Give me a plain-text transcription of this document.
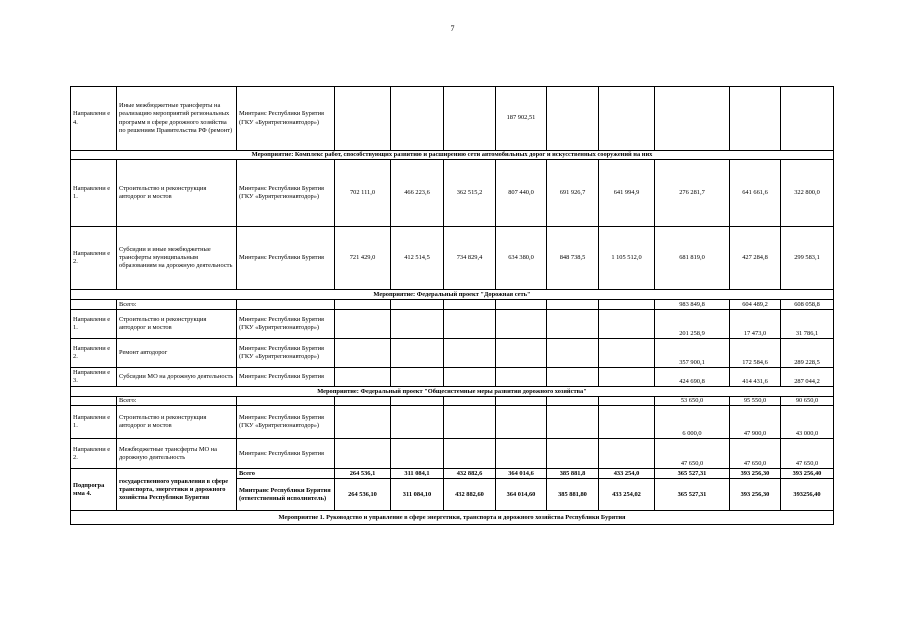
7
Направлени е 4.	Иные межбюджетные трансферты на реализацию мероприятий региональных программ в сфере дорожного хозяйства по решениям Правительства РФ (ремонт)	Минтранс Республики Бурятия (ГКУ «Бурятрегионавтодор»)				187 902,51					
Мероприятие: Комплекс работ, способствующих развитию и расширению сети автомобильных дорог и искусственных сооружений на них											
Направлени е 1.	Строительство и реконструкция автодорог и мостов	Минтранс Республики Бурятия (ГКУ «Бурятрегионавтодор»)	702 111,0	466 223,6	362 515,2	807 440,0	691 926,7	641 994,9	276 281,7	641 661,6	322 800,0
Направлени е 2.	Субсидии и иные межбюджетные трансферты муниципальным образованиям на дорожную деятельность	Минтранс Республики Бурятия	721 429,0	412 514,5	734 829,4	634 380,0	848 738,5	1 105 512,0	681 819,0	427 284,8	299 583,1
Мероприятие: Федеральный проект "Дорожная сеть"											
	Всего:								983 849,8	604 489,2	608 058,8
Направлени е 1.	Строительство и реконструкция автодорог и мостов	Минтранс Республики Бурятия (ГКУ «Бурятрегионавтодор»)							201 258,9	17 473,0	31 786,1
Направлени е 2.	Ремонт автодорог	Минтранс Республики Бурятия (ГКУ «Бурятрегионавтодор»)							357 900,1	172 584,6	289 228,5
Направлени е 3.	Субсидии МО на дорожную деятельность	Минтранс Республики Бурятия							424 690,8	414 431,6	287 044,2
Мероприятие: Федеральный проект "Общесистемные меры развития дорожного хозяйства"											
	Всего:								53 650,0	95 550,0	90 650,0
Направлени е 1.	Строительство и реконструкция автодорог и мостов	Минтранс Республики Бурятия (ГКУ «Бурятрегионавтодор»)							6 000,0	47 900,0	43 000,0
Направлени е 2.	Межбюджетные трансферты МО на дорожную деятельность	Минтранс Республики Бурятия							47 650,0	47 650,0	47 650,0
Подпрогра мма 4.	государственного управления в сфере транспорта, энергетики и дорожного хозяйства Республики Бурятия	Всего	264 536,1	311 084,1	432 882,6	364 014,6	385 881,8	433 254,0	365 527,31	393 256,30	393 256,40
		Минтранс Республики Бурятия (ответственный исполнитель)	264 536,10	311 084,10	432 882,60	364 014,60	385 881,80	433 254,02	365 527,31	393 256,30	393256,40
Мероприятие 1. Руководство и управление в сфере энергетики, транспорта и дорожного хозяйства Республики Бурятия											
